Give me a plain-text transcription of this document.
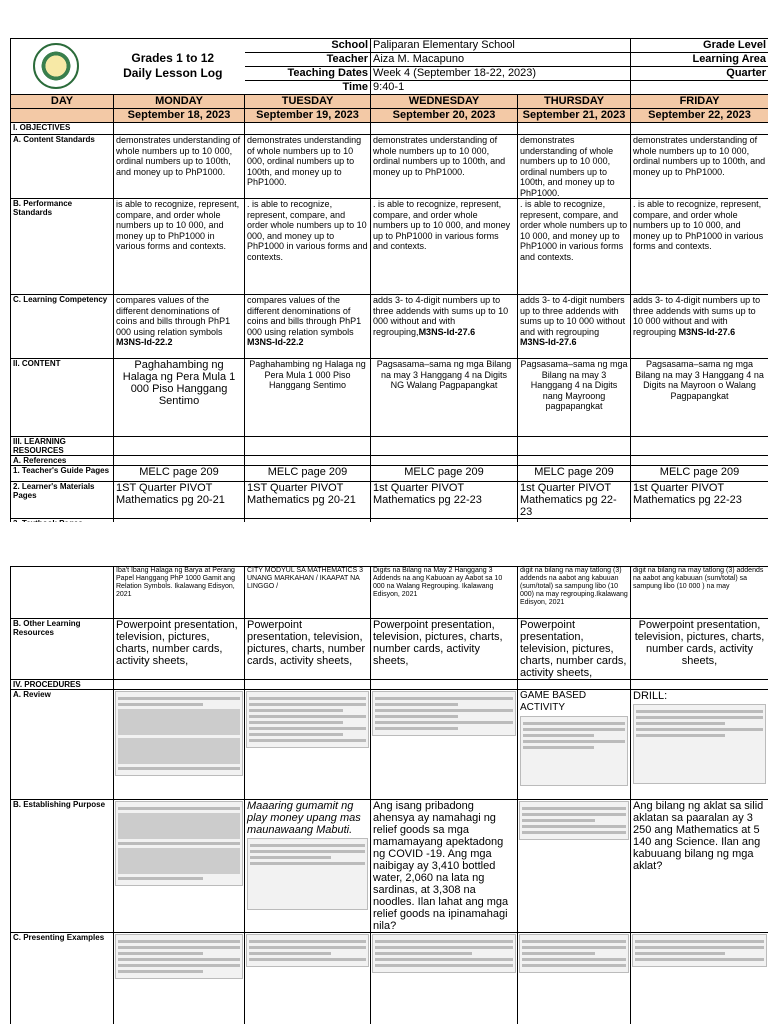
Grades 1 to 12
Daily Lesson Log		School	Paliparan Elementary School		Grade Level
		Teacher	Aiza M. Macapuno		Learning Area
		Teaching Dates	Week 4 (September 18-22, 2023)		Quarter
		Time	9:40-1		
DAY	MONDAY	TUESDAY	WEDNESDAY	THURSDAY	FRIDAY
	September 18, 2023	September 19, 2023	September 20, 2023	September 21, 2023	September 22, 2023
I. OBJECTIVES					
A. Content Standards	demonstrates understanding of whole numbers up to 10 000, ordinal numbers up to 100th, and money up to PhP1000.	demonstrates understanding of whole numbers up to 10 000, ordinal numbers up to 100th, and money up to PhP1000.	demonstrates understanding of whole numbers up to 10 000, ordinal numbers up to 100th, and money up to PhP1000.	demonstrates understanding of whole numbers up to 10 000, ordinal numbers up to 100th, and money up to PhP1000.	demonstrates understanding of whole numbers up to 10 000, ordinal numbers up to 100th, and money up to PhP1000.
B. Performance Standards	is able to recognize, represent, compare, and order whole numbers up to 10 000, and money up to PhP1000 in various forms and contexts.	. is able to recognize, represent, compare, and order whole numbers up to 10 000, and money up to PhP1000 in various forms and contexts.	. is able to recognize, represent, compare, and order whole numbers up to 10 000, and money up to PhP1000 in various forms and contexts.	. is able to recognize, represent, compare, and order whole numbers up to 10 000, and money up to PhP1000 in various forms and contexts.	. is able to recognize, represent, compare, and order whole numbers up to 10 000, and money up to PhP1000 in various forms and contexts.
C. Learning Competency	compares values of the different denominations of coins and bills through PhP1 000 using relation symbols M3NS-Id-22.2	compares values of the different denominations of coins and bills through PhP1 000 using relation symbols M3NS-Id-22.2	adds 3- to 4-digit numbers up to three addends with sums up to 10 000 without and with regrouping,M3NS-Id-27.6	adds 3- to 4-digit numbers up to three addends with sums up to 10 000 without and with regrouping M3NS-Id-27.6	adds 3- to 4-digit numbers up to three addends with sums up to 10 000 without and with regrouping M3NS-Id-27.6
II. CONTENT	Paghahambing ng Halaga ng Pera Mula 1 000 Piso Hanggang Sentimo	Paghahambing ng Halaga ng Pera Mula 1 000 Piso Hanggang Sentimo	Pagsasama–sama ng mga Bilang na may 3 Hanggang 4 na Digits NG Walang Pagpapangkat	Pagsasama–sama ng mga Bilang na may 3 Hanggang 4 na Digits nang Mayroong pagpapangkat	Pagsasama–sama ng mga Bilang na may 3 Hanggang 4 na Digits na Mayroon o Walang Pagpapangkat
III. LEARNING RESOURCES					
A. References					
1. Teacher's Guide Pages	MELC page 209	MELC page 209	MELC page 209	MELC page 209	MELC page 209
2. Learner's Materials Pages	1ST Quarter PIVOT Mathematics pg 20-21	1ST Quarter PIVOT Mathematics pg 20-21	1st Quarter PIVOT Mathematics pg 22-23	1st Quarter PIVOT Mathematics pg 22-23	1st Quarter PIVOT Mathematics pg 22-23

	Iba't Ibang Halaga ng Barya at Perang Papel Hanggang PhP 1000 Gamit ang Relation Symbols. Ikalawang Edisyon, 2021	CITY MODYUL SA MATHEMATICS 3 UNANG MARKAHAN / IKAAPAT NA LINGGO /	Digits na Bilang na May 2 Hanggang 3 Addends na ang Kabuoan ay Aabot sa 10 000 na Walang Regrouping. Ikalawang Edisyon, 2021	digit na bilang na may tatlong (3) addends na aabot ang kabuuan (sum/total) sa sampung libo (10 000) na may regrouping.Ikalawang Edisyon, 2021	digit na bilang na may tatlong (3) addends na aabot ang kabuuan (sum/total) sa sampung libo (10 000 ) na may
B. Other Learning Resources	Powerpoint presentation, television, pictures, charts, number cards, activity sheets,	Powerpoint presentation, television, pictures, charts, number cards, activity sheets,	Powerpoint presentation, television, pictures, charts, number cards, activity sheets,	Powerpoint presentation, television, pictures, charts, number cards, activity sheets,	Powerpoint presentation, television, pictures, charts, number cards, activity sheets,
IV. PROCEDURES					
A. Review				GAME BASED ACTIVITY	DRILL:

B. Establishing Purpose		Maaaring gumamit ng play money upang mas maunawaang Mabuti.	Ang isang pribadong ahensya ay namahagi ng relief goods sa mga mamamayang apektadong ng COVID -19. Ang mga naibigay ay 3,410 bottled water, 2,060 na lata ng sardinas, at 3,308 na noodles. Ilan lahat ang mga relief goods na ipinamahagi nila?		Ang bilang ng aklat sa silid aklatan sa paaralan ay 3 250 ang Mathematics at 5 140 ang Science. Ilan ang kabuuang bilang ng mga aklat?
C. Presenting Examples	
